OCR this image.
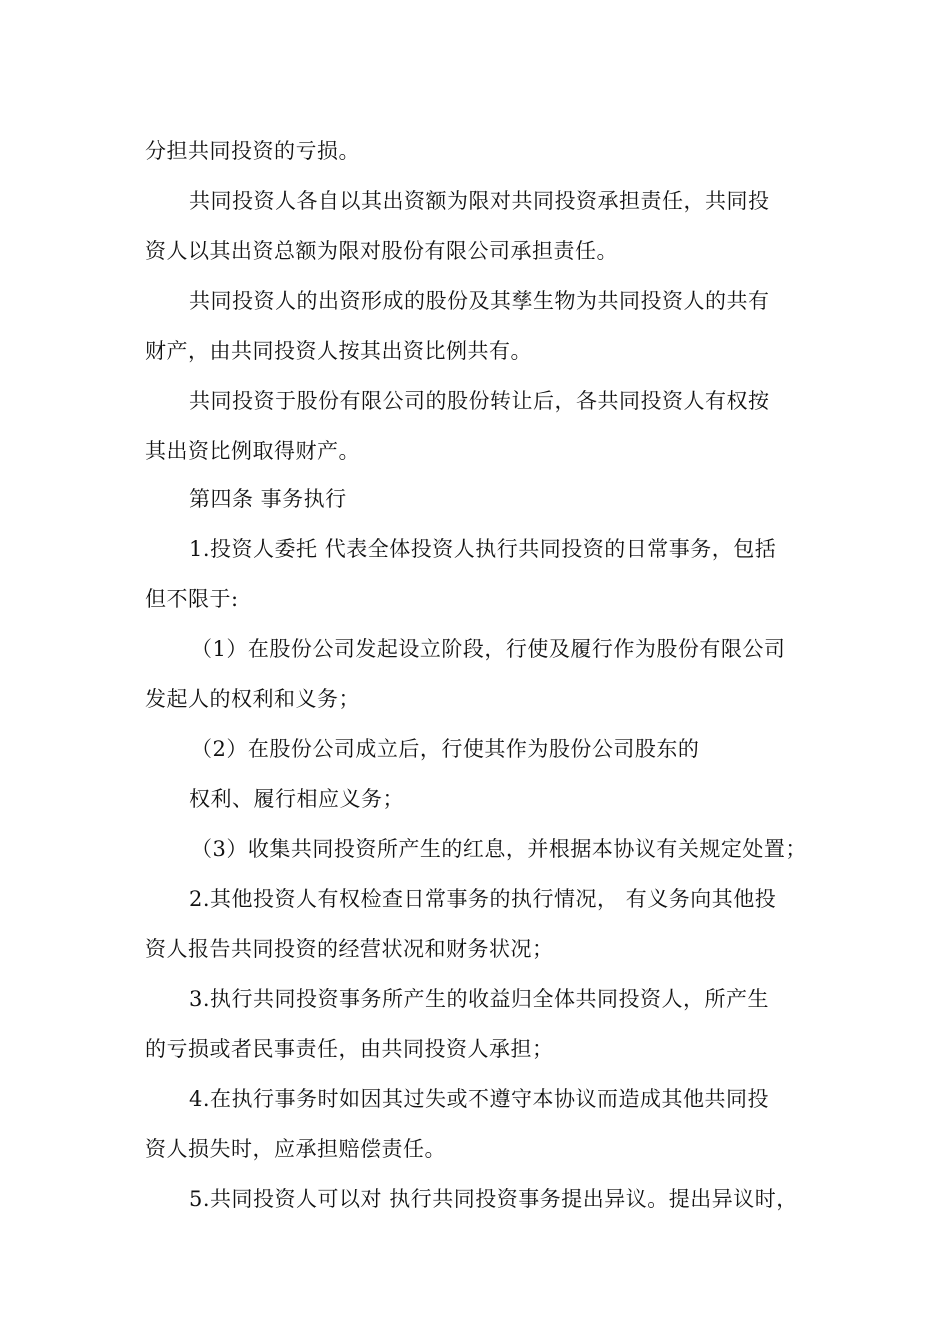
分担共同投资的亏损。
共同投资人各自以其出资额为限对共同投资承担责任，共同投
资人以其出资总额为限对股份有限公司承担责任。
共同投资人的出资形成的股份及其孳生物为共同投资人的共有
财产，由共同投资人按其出资比例共有。
共同投资于股份有限公司的股份转让后，各共同投资人有权按
其出资比例取得财产。
第四条 事务执行
1.投资人委托 代表全体投资人执行共同投资的日常事务，包括
但不限于:
（1）在股份公司发起设立阶段，行使及履行作为股份有限公司
发起人的权利和义务；
（2）在股份公司成立后，行使其作为股份公司股东的
权利、履行相应义务；
（3）收集共同投资所产生的红息，并根据本协议有关规定处置；
2.其他投资人有权检查日常事务的执行情况， 有义务向其他投
资人报告共同投资的经营状况和财务状况；
3.执行共同投资事务所产生的收益归全体共同投资人，所产生
的亏损或者民事责任，由共同投资人承担；
4.在执行事务时如因其过失或不遵守本协议而造成其他共同投
资人损失时，应承担赔偿责任。
5.共同投资人可以对 执行共同投资事务提出异议。提出异议时，
